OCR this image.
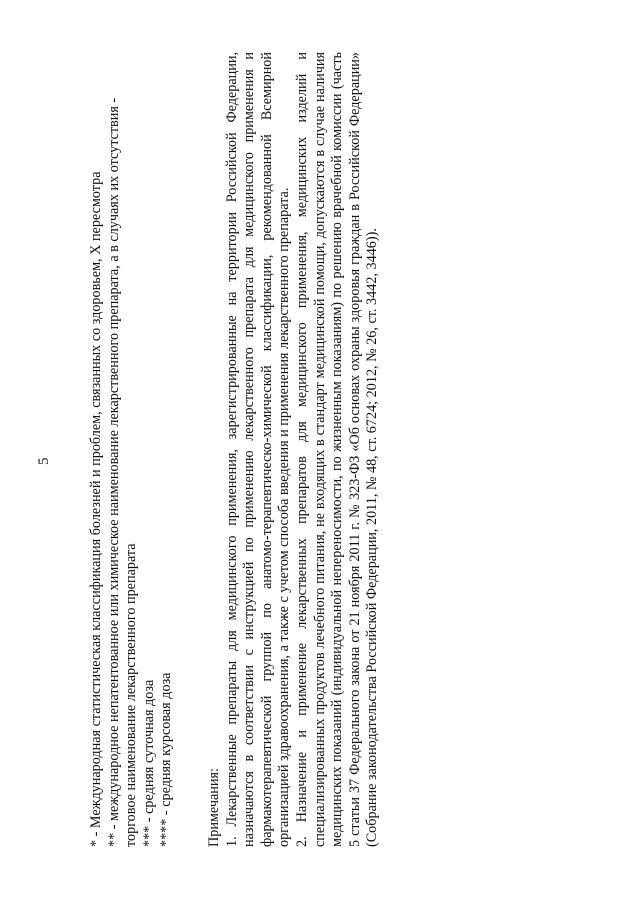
5	* - Международная статистическая классификация болезней и проблем, связанных со здоровьем, X пересмотра ** - международное непатентованное или химическое наименование лекарственного препарата, а в случаях их отсутствия - торговое наименование лекарственного препарата *** - средняя суточная доза **** - средняя курсовая доза Примечания: 1. Лекарственные препараты для медицинского применения, зарегистрированные на территории Российской Федерации, назначаются в соответствии с инструкцией по применению лекарственного препарата для медицинского применения и фармакотерапевтической группой по анатомо-терапевтическо-химической классификации, рекомендованной Всемирной организацией здравоохранения, а также с учетом способа введения и применения лекарственного препарата. 2. Назначение и применение лекарственных препаратов для медицинского применения, медицинских изделий и специализированных продуктов лечебного питания, не входящих в стандарт медицинской помощи, допускаются в случае наличия медицинских показаний (индивидуальной непереносимости, по жизненным показаниям) по решению врачебной комиссии (часть 5 статьи 37 Федерального закона от 21 ноября 2011 г. № 323-ФЗ «Об основах охраны здоровья граждан в Российской Федерации» (Собрание законодательства Российской Федерации, 2011, № 48, ст. 6724; 2012, № 26, ст. 3442, 3446)).
